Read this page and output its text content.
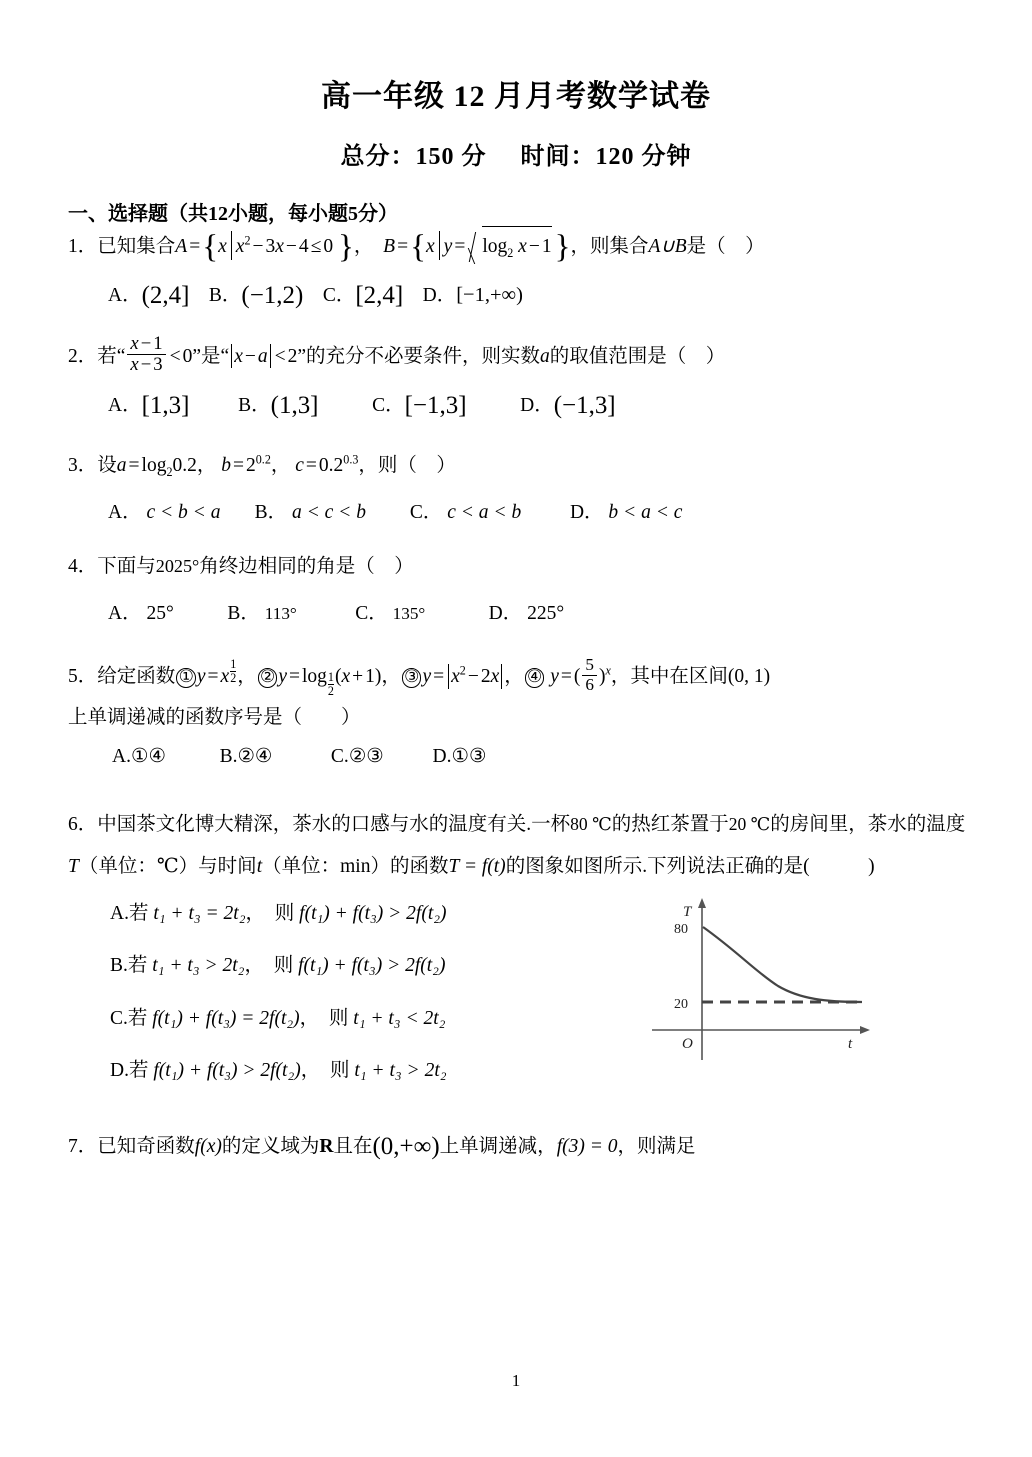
高一年级 12 月月考数学试卷
总分：150 分 时间：120 分钟
一、选择题（共12小题，每小题5分）
1．已知集合A ={x $x^2 - 3x - 4 \le 0$ }， B ={x $y = \log_2 x - 1$ }，则集合A∪B是（　）
A．(2,4] B．(−1,2) C．[2,4] D．[−1,+∞)
2．若“ $\frac{x - 1}{x - 3} < 0$”是“ x − a < 2”的充分不必要条件，则实数a的取值范围是（　）
A．[1,3]	B．(1,3]	C．[−1,3]	D．(−1,3]
3．设$a = \log_20.2$， $b = 2^{0.2}$， $c = 0.2^{0.3}$，则（　）
A． c < b < a B． a < c < b C． c < a < b	D． b < a < c
4．下面与2025°角终边相同的角是（　）
A． 25°	B． 113°	C． 135°	D． 225°
5．给定函数 ① y = x $^{\frac{1}{2}}$ ， ② y = log $_{\frac{1}{2}}$ (x + 1)， ③ $y = x^2 - 2x$ ， ④ y = ( $\frac{5}{6} )^x$，其中在区间(0, 1)
上单调递减的函数序号是（　　）
A.①④	B.②④	C.②③	D.①③
6．中国茶文化博大精深，茶水的口感与水的温度有关.一杯80 ℃的热红茶置于20 ℃的房间里，茶水的温度T（单位：℃）与时间t（单位：min）的函数T = f(t)的图象如图所示.下列说法正确的是(　　　)
A.若 t₁ + t₃ = 2t₂，　则 f(t₁) + f(t₃) > 2f(t₂)
B.若 t₁ + t₃ > 2t₂，　则 f(t₁) + f(t₃) > 2f(t₂)
C.若 f(t₁) + f(t₃) = 2f(t₂)，　则 t₁ + t₃ < 2t₂
D.若 f(t₁) + f(t₃) > 2f(t₂)，　则 t₁ + t₃ > 2t₂
T
t
O
80
20
7．已知奇函数f(x)的定义域为R且在(0,+∞)上单调递减，f(3) = 0，则满足
1
